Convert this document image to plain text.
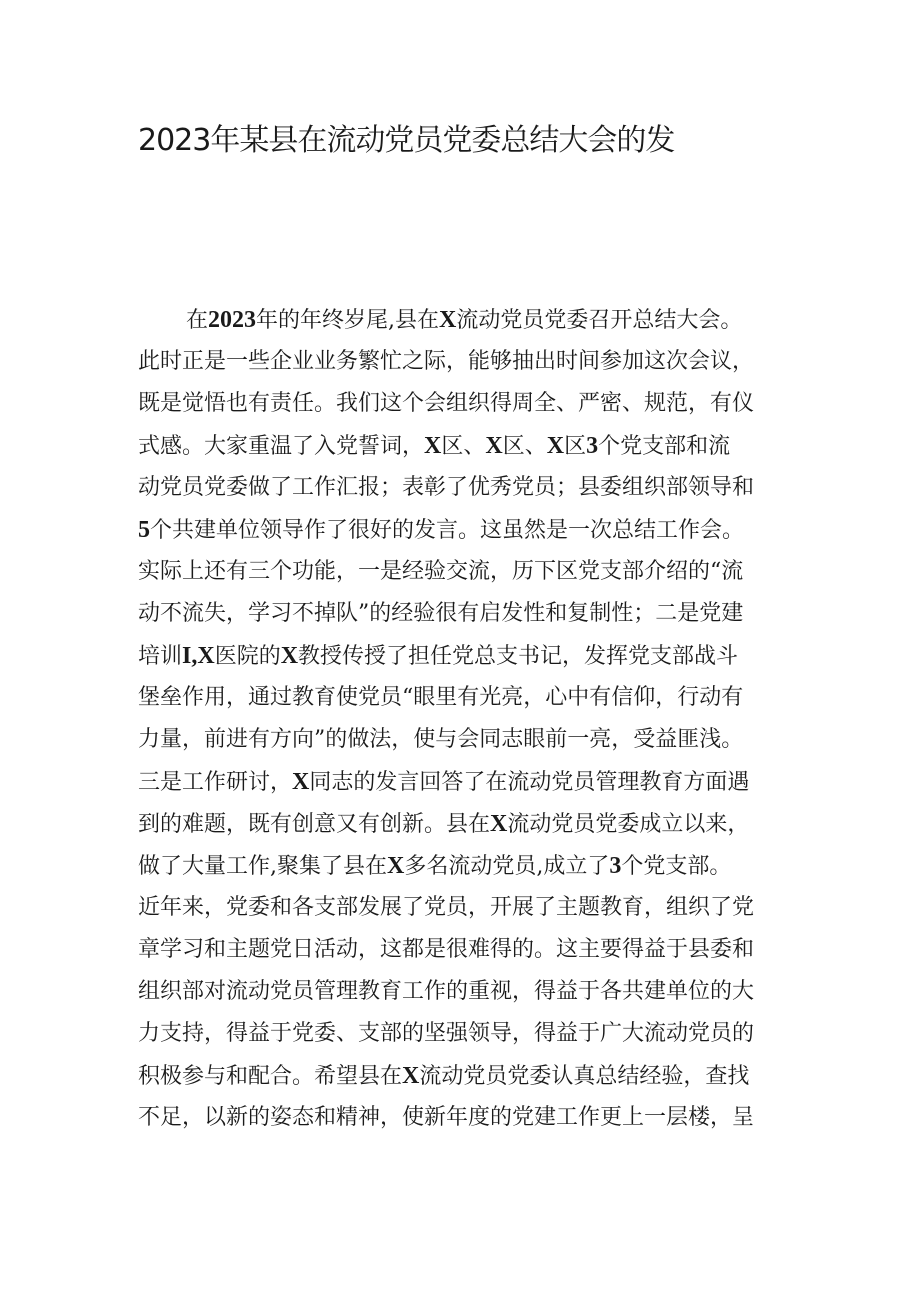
2023年某县在流动党员党委总结大会的发
在2023年的年终岁尾,县在X流动党员党委召开总结大会。
此时正是一些企业业务繁忙之际，能够抽出时间参加这次会议，
既是觉悟也有责任。我们这个会组织得周全、严密、规范，有仪
式感。大家重温了入党誓词，X区、X区、X区3个党支部和流
动党员党委做了工作汇报；表彰了优秀党员；县委组织部领导和
5个共建单位领导作了很好的发言。这虽然是一次总结工作会。
实际上还有三个功能，一是经验交流，历下区党支部介绍的“流
动不流失，学习不掉队”的经验很有启发性和复制性；二是党建
培训I,X医院的X教授传授了担任党总支书记，发挥党支部战斗
堡垒作用，通过教育使党员“眼里有光亮，心中有信仰，行动有
力量，前进有方向”的做法，使与会同志眼前一亮，受益匪浅。
三是工作研讨，X同志的发言回答了在流动党员管理教育方面遇
到的难题，既有创意又有创新。县在X流动党员党委成立以来，
做了大量工作,聚集了县在X多名流动党员,成立了3个党支部。
近年来，党委和各支部发展了党员，开展了主题教育，组织了党
章学习和主题党日活动，这都是很难得的。这主要得益于县委和
组织部对流动党员管理教育工作的重视，得益于各共建单位的大
力支持，得益于党委、支部的坚强领导，得益于广大流动党员的
积极参与和配合。希望县在X流动党员党委认真总结经验，查找
不足，以新的姿态和精神，使新年度的党建工作更上一层楼，呈
